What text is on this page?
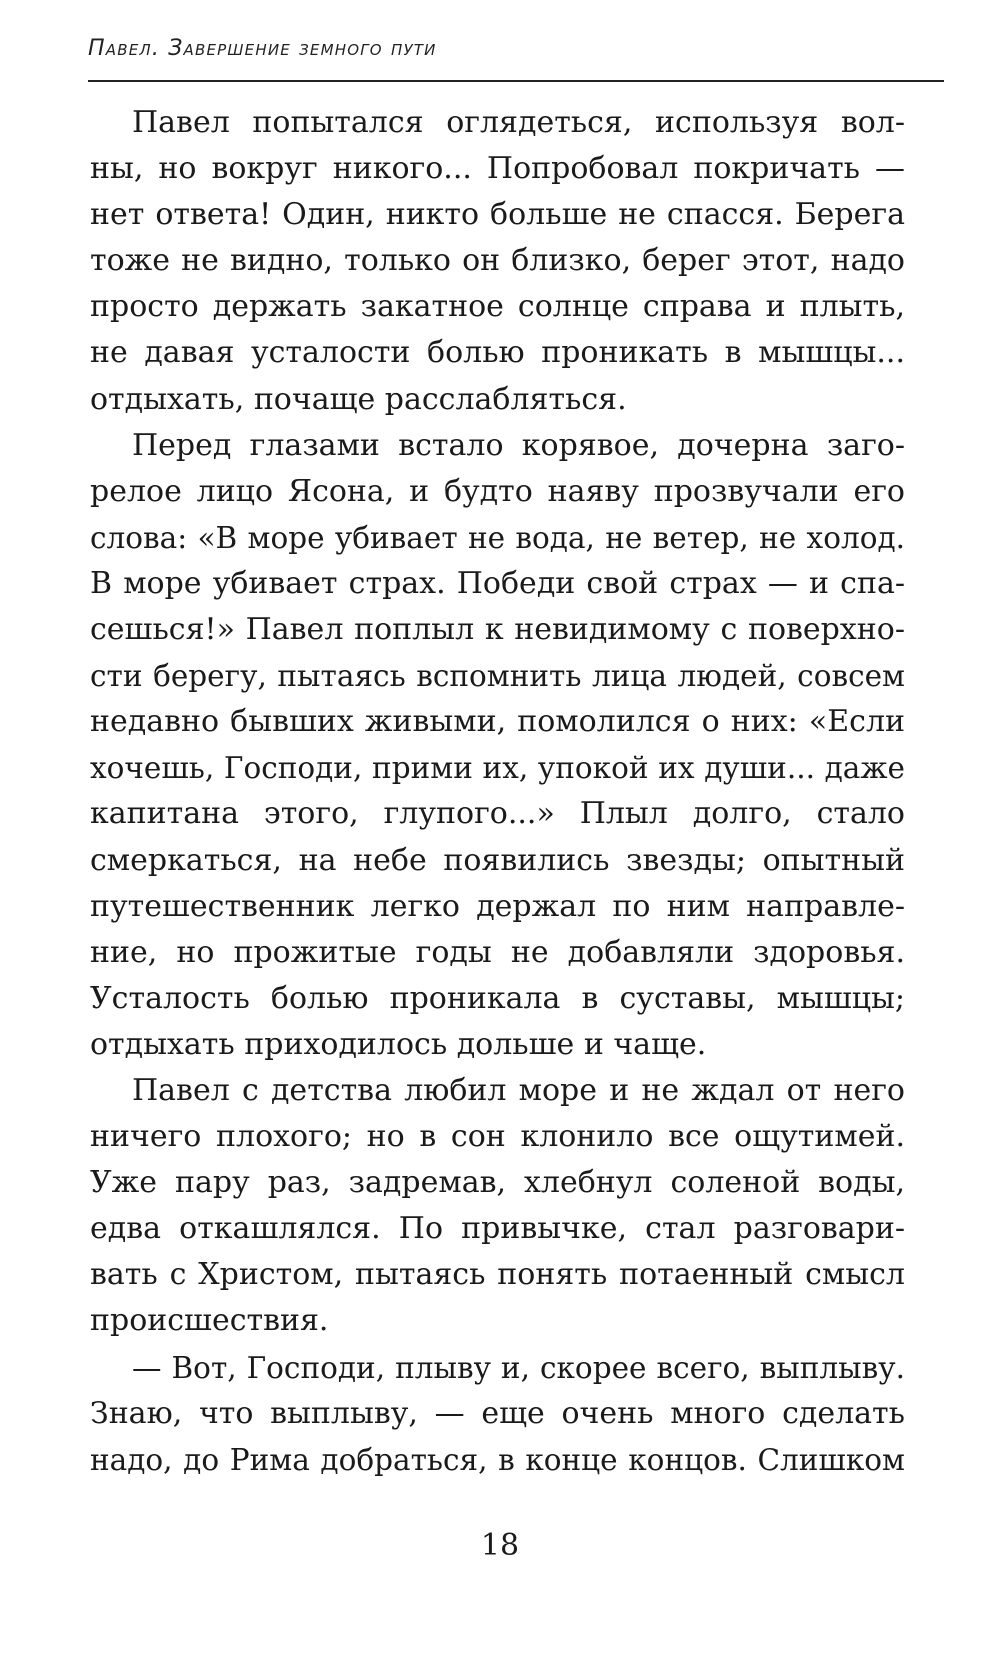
Павел. Завершение земного пути
Павел попытался оглядеться, используя вол-
ны, но вокруг никого... Попробовал покричать —
нет ответа! Один, никто больше не спасся. Берега
тоже не видно, только он близко, берег этот, надо
просто держать закатное солнце справа и плыть,
не давая усталости болью проникать в мышцы...
отдыхать, почаще расслабляться.
Перед глазами встало корявое, дочерна заго-
релое лицо Ясона, и будто наяву прозвучали его
слова: «В море убивает не вода, не ветер, не холод.
В море убивает страх. Победи свой страх — и спа-
сешься!» Павел поплыл к невидимому с поверхно-
сти берегу, пытаясь вспомнить лица людей, совсем
недавно бывших живыми, помолился о них: «Если
хочешь, Господи, прими их, упокой их души... даже
капитана этого, глупого...» Плыл долго, стало
смеркаться, на небе появились звезды; опытный
путешественник легко держал по ним направле-
ние, но прожитые годы не добавляли здоровья.
Усталость болью проникала в суставы, мышцы;
отдыхать приходилось дольше и чаще.
Павел с детства любил море и не ждал от него
ничего плохого; но в сон клонило все ощутимей.
Уже пару раз, задремав, хлебнул соленой воды,
едва откашлялся. По привычке, стал разговари-
вать с Христом, пытаясь понять потаенный смысл
происшествия.
— Вот, Господи, плыву и, скорее всего, выплыву.
Знаю, что выплыву, — еще очень много сделать
надо, до Рима добраться, в конце концов. Слишком
18
